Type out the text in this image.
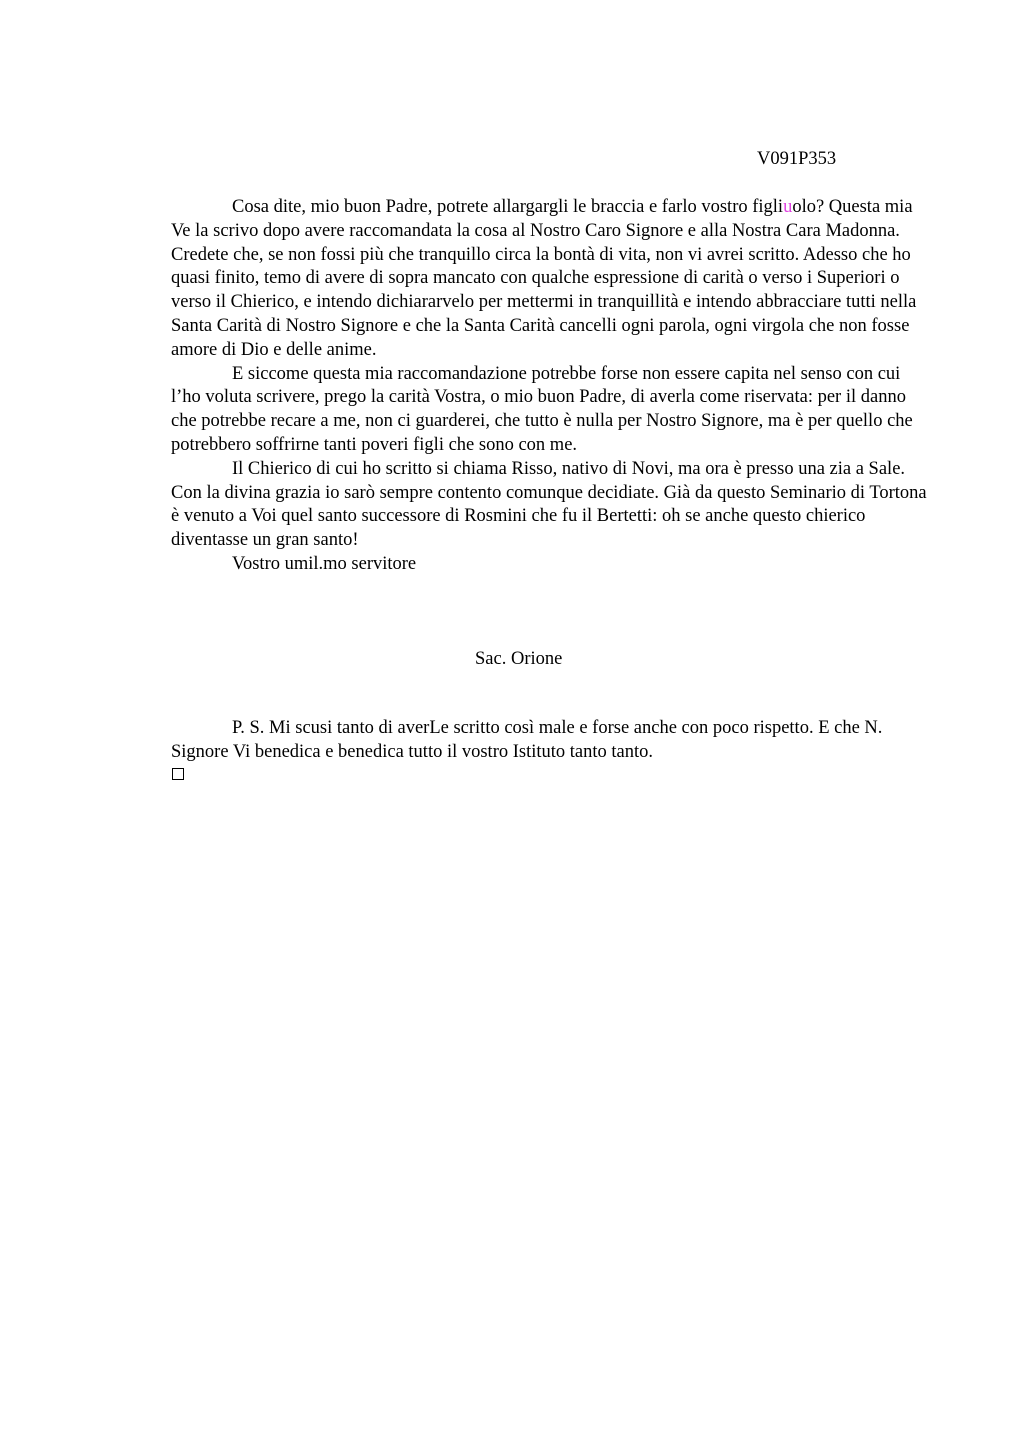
V091P353

Cosa dite, mio buon Padre, potrete allargargli le braccia e farlo vostro figliuolo? Questa mia Ve la scrivo dopo avere raccomandata la cosa al Nostro Caro Signore e alla Nostra Cara Madonna. Credete che, se non fossi più che tranquillo circa la bontà di vita, non vi avrei scritto. Adesso che ho quasi finito, temo di avere di sopra mancato con qualche espressione di carità o verso i Superiori o verso il Chierico, e intendo dichiararvelo per mettermi in tranquillità e intendo abbracciare tutti nella Santa Carità di Nostro Signore e che la Santa Carità cancelli ogni parola, ogni virgola che non fosse amore di Dio e delle anime.

E siccome questa mia raccomandazione potrebbe forse non essere capita nel senso con cui l’ho voluta scrivere, prego la carità Vostra, o mio buon Padre, di averla come riservata: per il danno che potrebbe recare a me, non ci guarderei, che tutto è nulla per Nostro Signore, ma è per quello che potrebbero soffrirne tanti poveri figli che sono con me.

Il Chierico di cui ho scritto si chiama Risso, nativo di Novi, ma ora è presso una zia a Sale. Con la divina grazia io sarò sempre contento comunque decidiate. Già da questo Seminario di Tortona è venuto a Voi quel santo successore di Rosmini che fu il Bertetti: oh se anche questo chierico diventasse un gran santo!

Vostro umil.mo servitore

Sac. Orione

P. S. Mi scusi tanto di averLe scritto così male e forse anche con poco rispetto. E che N. Signore Vi benedica e benedica tutto il vostro Istituto tanto tanto.
